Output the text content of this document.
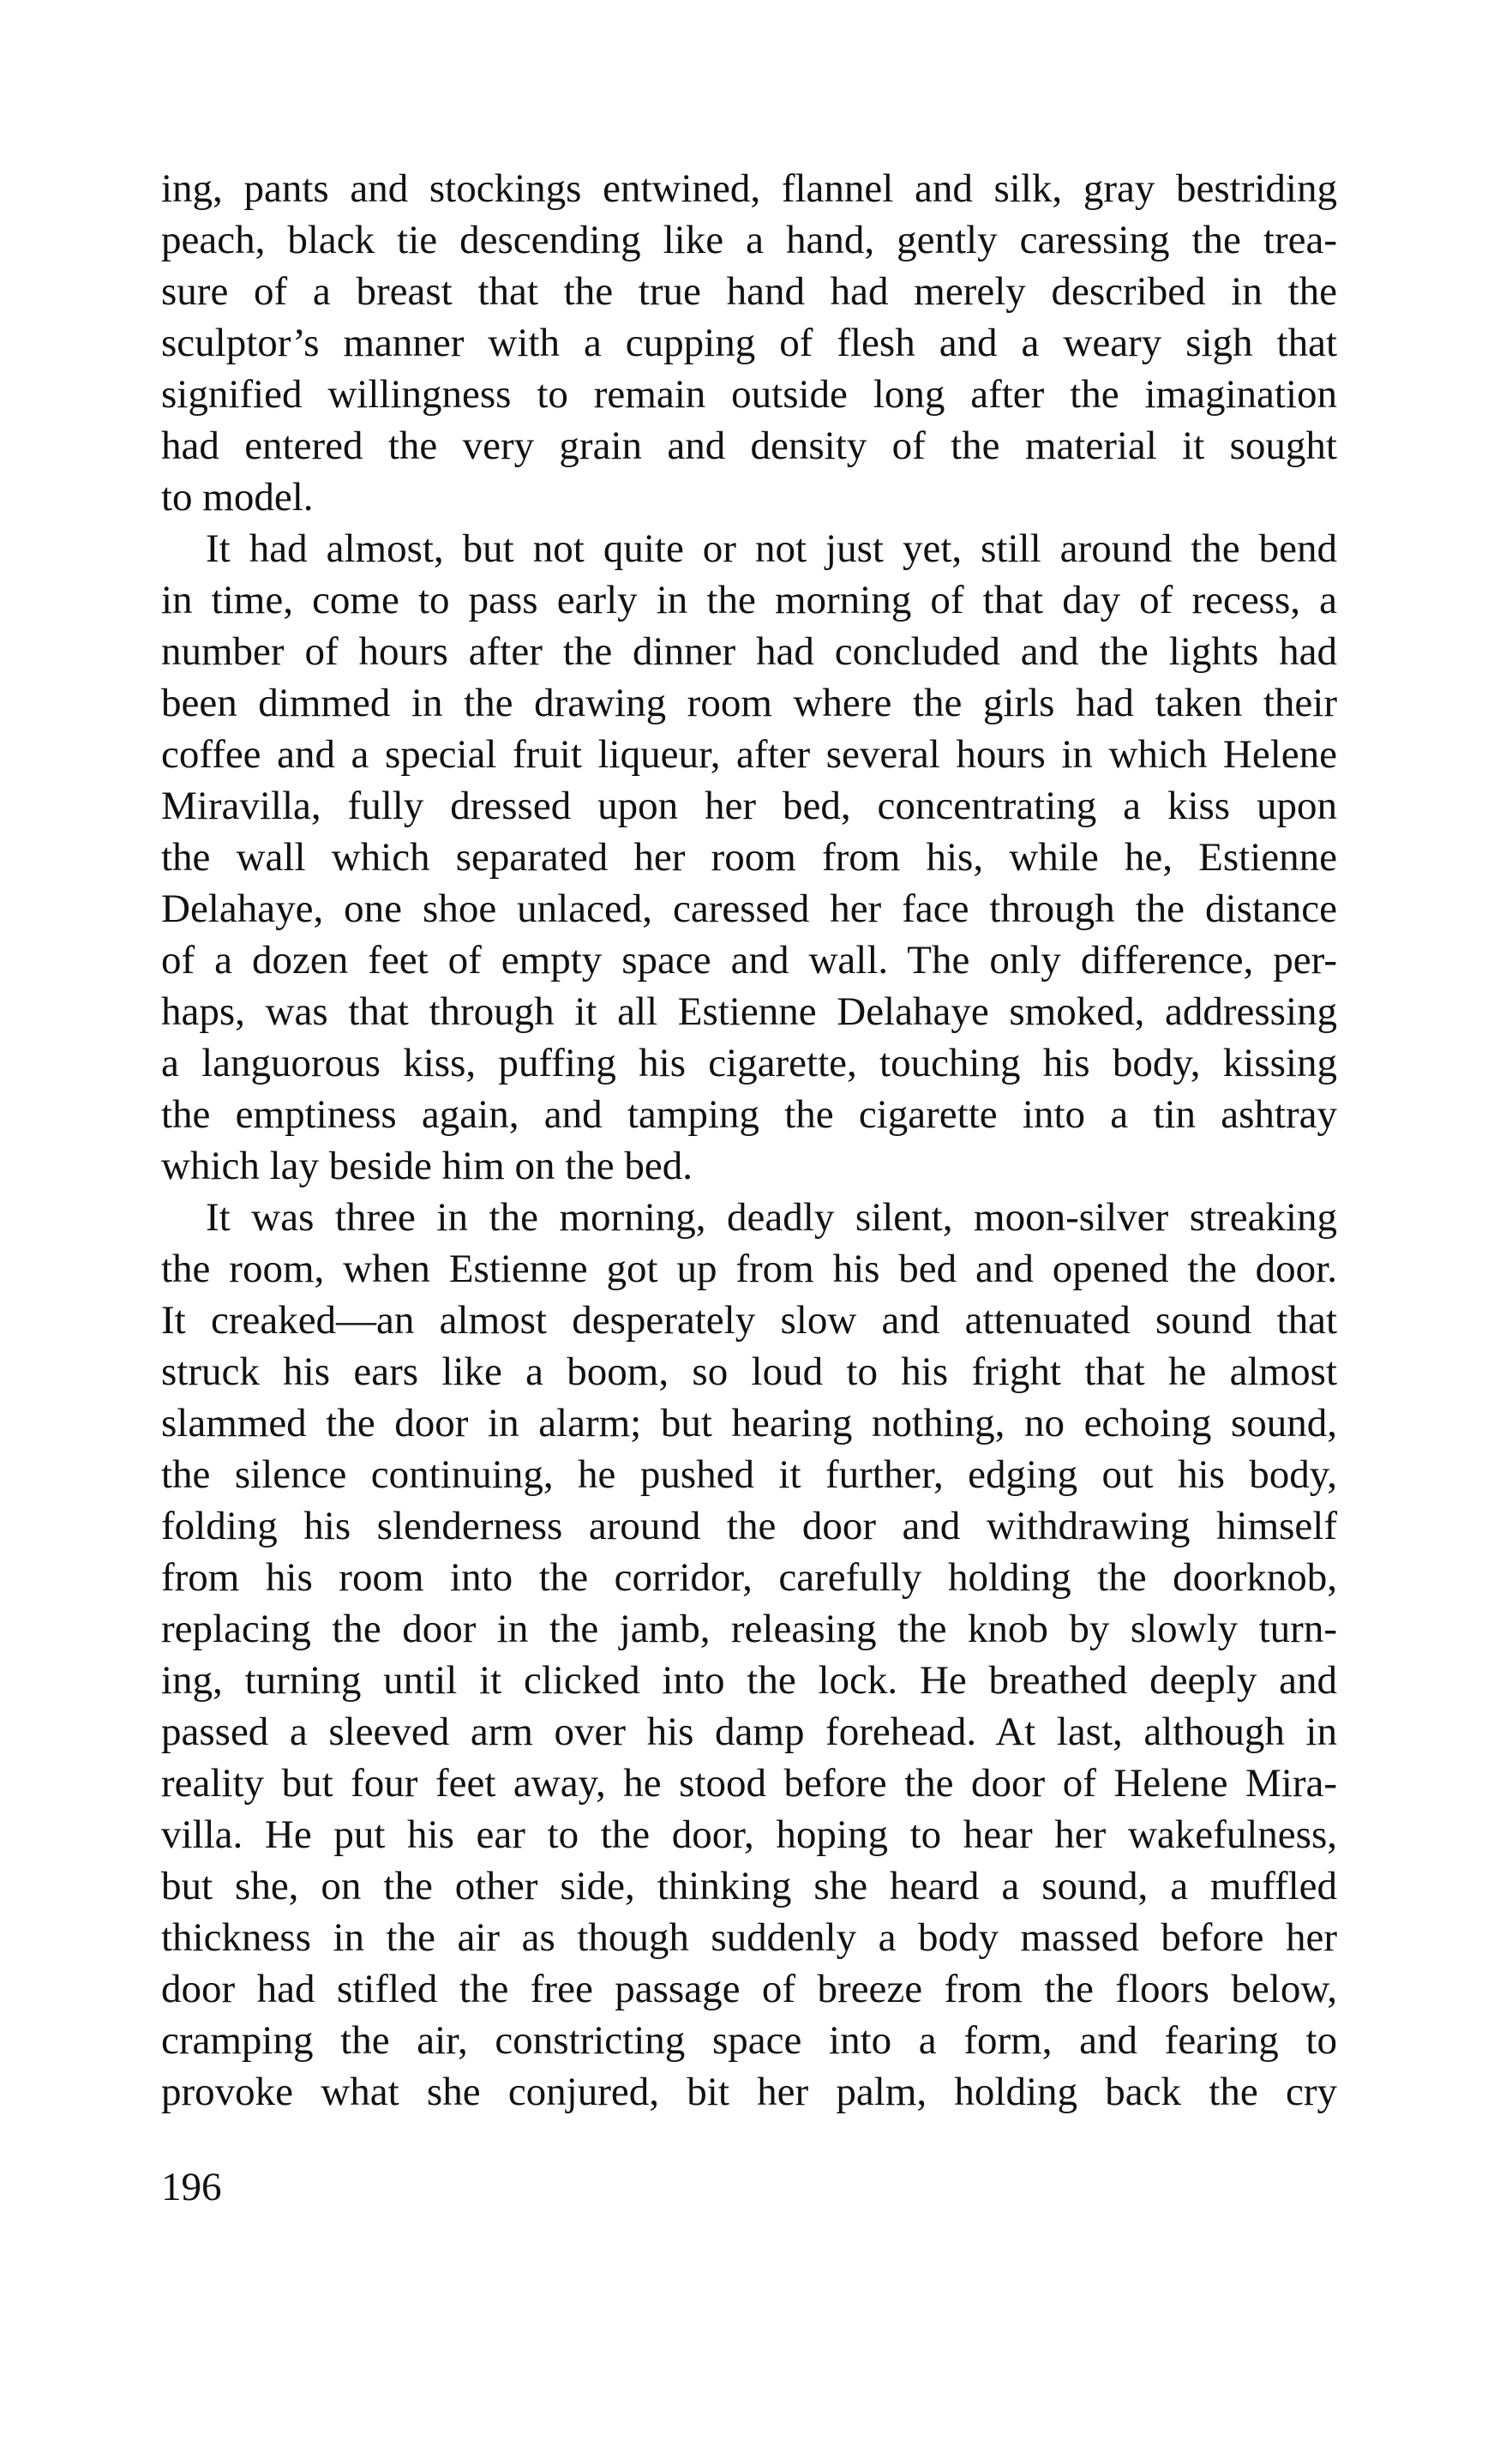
ing, pants and stockings entwined, flannel and silk, gray bestriding
peach, black tie descending like a hand, gently caressing the trea-
sure of a breast that the true hand had merely described in the
sculptor’s manner with a cupping of flesh and a weary sigh that
signified willingness to remain outside long after the imagination
had entered the very grain and density of the material it sought
to model.
It had almost, but not quite or not just yet, still around the bend
in time, come to pass early in the morning of that day of recess, a
number of hours after the dinner had concluded and the lights had
been dimmed in the drawing room where the girls had taken their
coffee and a special fruit liqueur, after several hours in which Helene
Miravilla, fully dressed upon her bed, concentrating a kiss upon
the wall which separated her room from his, while he, Estienne
Delahaye, one shoe unlaced, caressed her face through the distance
of a dozen feet of empty space and wall. The only difference, per-
haps, was that through it all Estienne Delahaye smoked, addressing
a languorous kiss, puffing his cigarette, touching his body, kissing
the emptiness again, and tamping the cigarette into a tin ashtray
which lay beside him on the bed.
It was three in the morning, deadly silent, moon-silver streaking
the room, when Estienne got up from his bed and opened the door.
It creaked—an almost desperately slow and attenuated sound that
struck his ears like a boom, so loud to his fright that he almost
slammed the door in alarm; but hearing nothing, no echoing sound,
the silence continuing, he pushed it further, edging out his body,
folding his slenderness around the door and withdrawing himself
from his room into the corridor, carefully holding the doorknob,
replacing the door in the jamb, releasing the knob by slowly turn-
ing, turning until it clicked into the lock. He breathed deeply and
passed a sleeved arm over his damp forehead. At last, although in
reality but four feet away, he stood before the door of Helene Mira-
villa. He put his ear to the door, hoping to hear her wakefulness,
but she, on the other side, thinking she heard a sound, a muffled
thickness in the air as though suddenly a body massed before her
door had stifled the free passage of breeze from the floors below,
cramping the air, constricting space into a form, and fearing to
provoke what she conjured, bit her palm, holding back the cry
196
